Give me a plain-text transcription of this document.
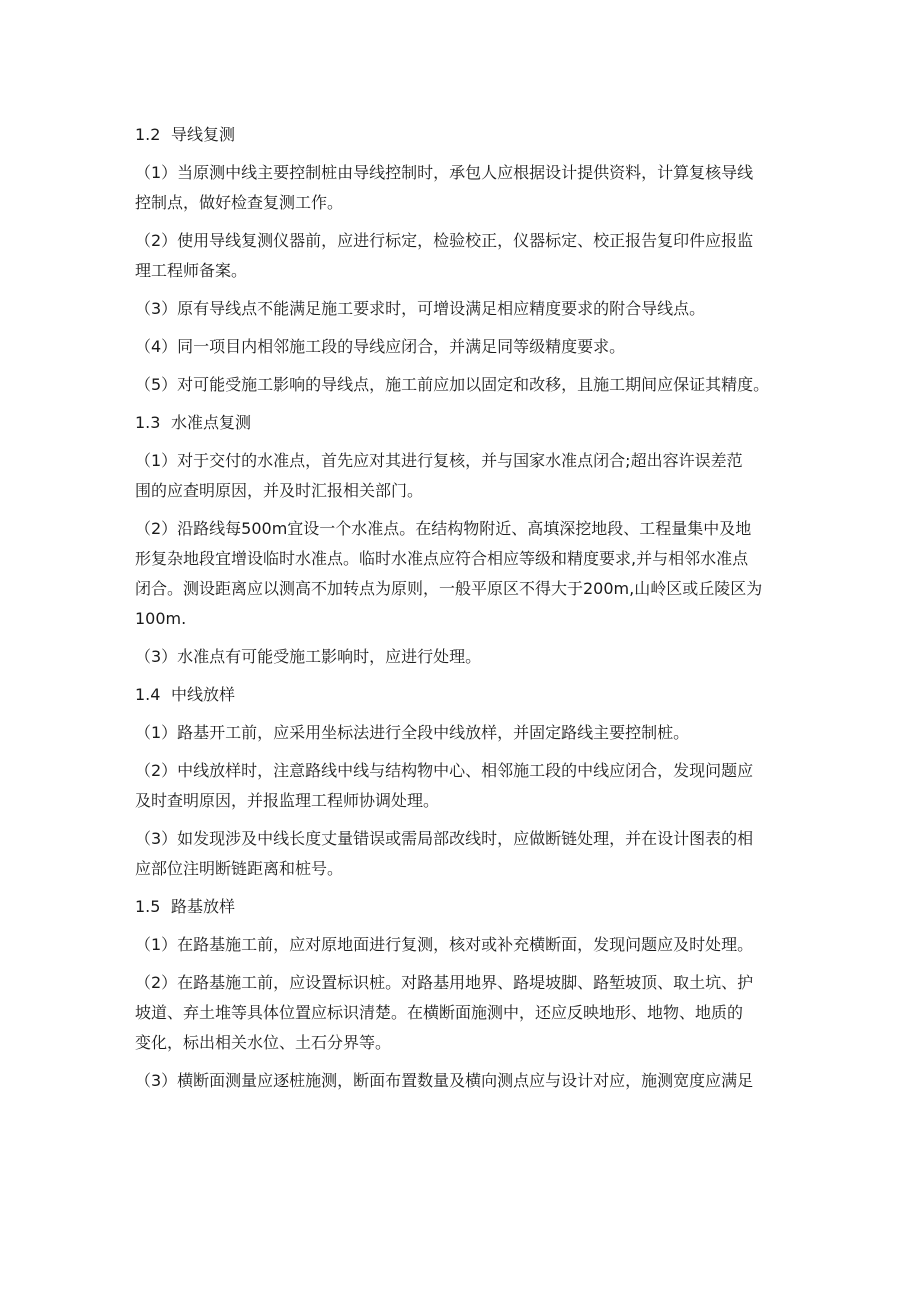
1.2 导线复测
（1）当原测中线主要控制桩由导线控制时，承包人应根据设计提供资料，计算复核导线
控制点，做好检查复测工作。
（2）使用导线复测仪器前，应进行标定，检验校正，仪器标定、校正报告复印件应报监
理工程师备案。
（3）原有导线点不能满足施工要求时，可增设满足相应精度要求的附合导线点。
（4）同一项目内相邻施工段的导线应闭合，并满足同等级精度要求。
（5）对可能受施工影响的导线点，施工前应加以固定和改移，且施工期间应保证其精度。
1.3 水准点复测
（1）对于交付的水准点，首先应对其进行复核，并与国家水准点闭合;超出容许误差范
围的应查明原因，并及时汇报相关部门。
（2）沿路线每500m宜设一个水准点。在结构物附近、高填深挖地段、工程量集中及地
形复杂地段宜增设临时水准点。临时水准点应符合相应等级和精度要求,并与相邻水准点
闭合。测设距离应以测高不加转点为原则，一般平原区不得大于200m,山岭区或丘陵区为
100m.
（3）水准点有可能受施工影响时，应进行处理。
1.4 中线放样
（1）路基开工前，应采用坐标法进行全段中线放样，并固定路线主要控制桩。
（2）中线放样时，注意路线中线与结构物中心、相邻施工段的中线应闭合，发现问题应
及时查明原因，并报监理工程师协调处理。
（3）如发现涉及中线长度丈量错误或需局部改线时，应做断链处理，并在设计图表的相
应部位注明断链距离和桩号。
1.5 路基放样
（1）在路基施工前，应对原地面进行复测，核对或补充横断面，发现问题应及时处理。
（2）在路基施工前，应设置标识桩。对路基用地界、路堤坡脚、路堑坡顶、取土坑、护
坡道、弃土堆等具体位置应标识清楚。在横断面施测中，还应反映地形、地物、地质的
变化，标出相关水位、土石分界等。
（3）横断面测量应逐桩施测，断面布置数量及横向测点应与设计对应，施测宽度应满足
